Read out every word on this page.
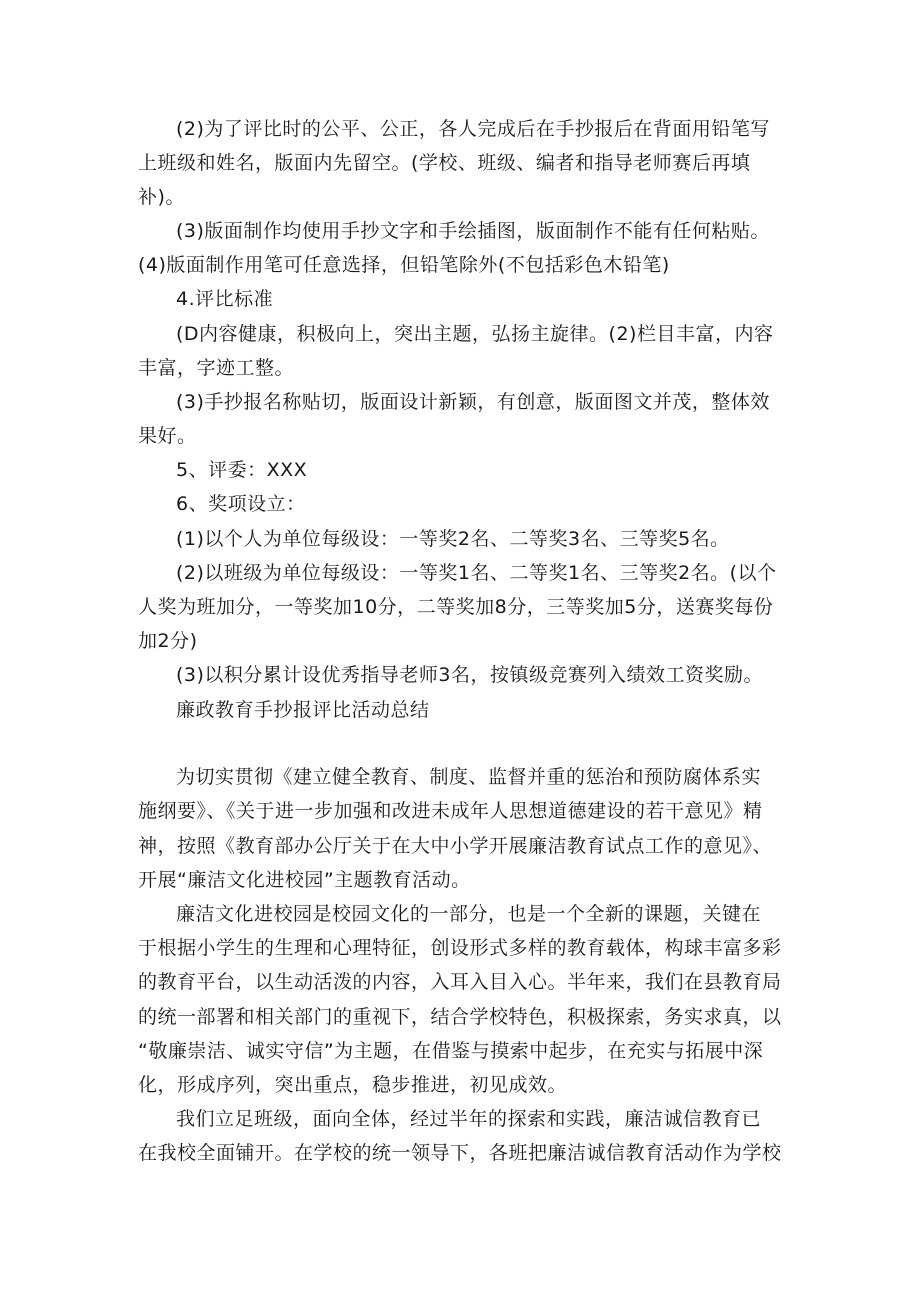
(2)为了评比时的公平、公正，各人完成后在手抄报后在背面用铅笔写
上班级和姓名，版面内先留空。(学校、班级、编者和指导老师赛后再填
补)。
(3)版面制作均使用手抄文字和手绘插图，版面制作不能有任何粘贴。
(4)版面制作用笔可任意选择，但铅笔除外(不包括彩色木铅笔)
4.评比标准
(D内容健康，积极向上，突出主题，弘扬主旋律。(2)栏目丰富，内容
丰富，字迹工整。
(3)手抄报名称贴切，版面设计新颖，有创意，版面图文并茂，整体效
果好。
5、评委：XXX
6、奖项设立：
(1)以个人为单位每级设：一等奖2名、二等奖3名、三等奖5名。
(2)以班级为单位每级设：一等奖1名、二等奖1名、三等奖2名。(以个
人奖为班加分，一等奖加10分，二等奖加8分，三等奖加5分，送赛奖每份
加2分)
(3)以积分累计设优秀指导老师3名，按镇级竞赛列入绩效工资奖励。
廉政教育手抄报评比活动总结
为切实贯彻《建立健全教育、制度、监督并重的惩治和预防腐体系实
施纲要》、《关于进一步加强和改进未成年人思想道德建设的若干意见》精
神，按照《教育部办公厅关于在大中小学开展廉洁教育试点工作的意见》、
开展“廉洁文化进校园”主题教育活动。
廉洁文化进校园是校园文化的一部分，也是一个全新的课题，关键在
于根据小学生的生理和心理特征，创设形式多样的教育载体，构球丰富多彩
的教育平台，以生动活泼的内容，入耳入目入心。半年来，我们在县教育局
的统一部署和相关部门的重视下，结合学校特色，积极探索，务实求真，以
“敬廉崇洁、诚实守信”为主题，在借鉴与摸索中起步，在充实与拓展中深
化，形成序列，突出重点，稳步推进，初见成效。
我们立足班级，面向全体，经过半年的探索和实践，廉洁诚信教育已
在我校全面铺开。在学校的统一领导下，各班把廉洁诚信教育活动作为学校
